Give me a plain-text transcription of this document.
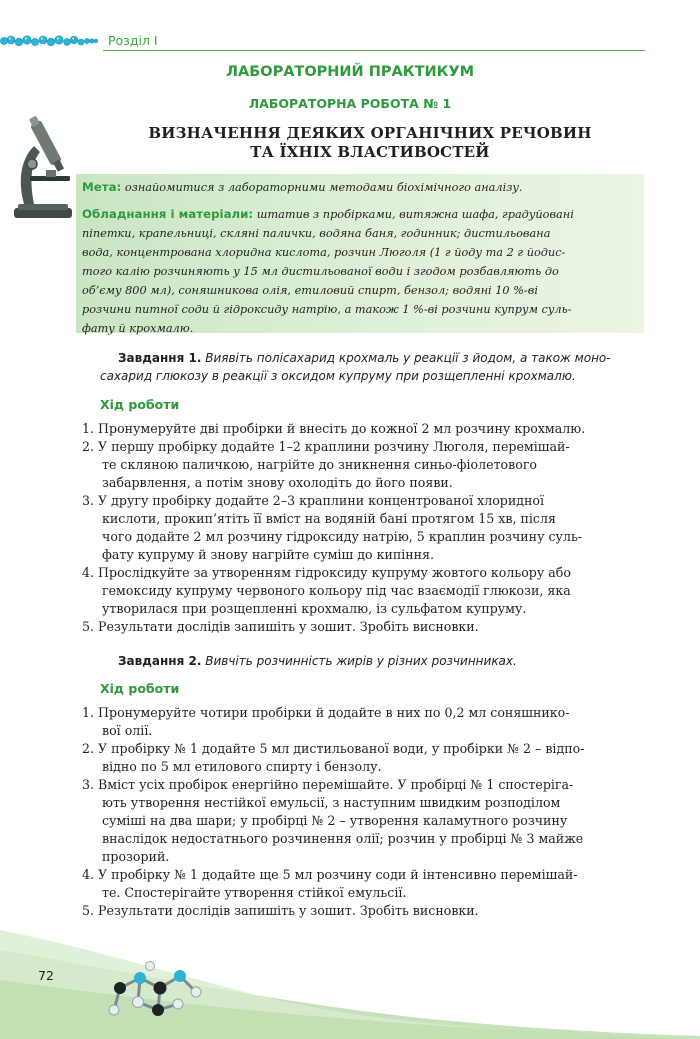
Розділ I
ЛАБОРАТОРНИЙ ПРАКТИКУМ
ЛАБОРАТОРНА РОБОТА № 1
ВИЗНАЧЕННЯ ДЕЯКИХ ОРГАНІЧНИХ РЕЧОВИН
ТА ЇХНІХ ВЛАСТИВОСТЕЙ
Мета: ознайомитися з лабораторними методами біохімічного аналізу.
Обладнання і матеріали: штатив з пробірками, витяжна шафа, градуйовані
піпетки, крапельниці, скляні палички, водяна баня, годинник; дистильована
вода, концентрована хлоридна кислота, розчин Люголя (1 г йоду та 2 г йодис-
того калію розчиняють у 15 мл дистильованої води і згодом розбавляють до
об’єму 800 мл), соняшникова олія, етиловий спирт, бензол; водяні 10 %-ві
розчини питної соди й гідроксиду натрію, а також 1 %-ві розчини купрум суль-
фату й крохмалю.
Завдання 1. Виявіть полісахарид крохмаль у реакції з йодом, а також моно-
сахарид глюкозу в реакції з оксидом купруму при розщепленні крохмалю.
Хід роботи
1. Пронумеруйте дві пробірки й внесіть до кожної 2 мл розчину крохмалю.
2. У першу пробірку додайте 1–2 краплини розчину Люголя, перемішай-
те скляною паличкою, нагрійте до зникнення синьо-фіолетового
забарвлення, а потім знову охолодіть до його появи.
3. У другу пробірку додайте 2–3 краплини концентрованої хлоридної
кислоти, прокип’ятіть її вміст на водяній бані протягом 15 хв, після
чого додайте 2 мл розчину гідроксиду натрію, 5 краплин розчину суль-
фату купруму й знову нагрійте суміш до кипіння.
4. Прослідкуйте за утворенням гідроксиду купруму жовтого кольору або
гемоксиду купруму червоного кольору під час взаємодії глюкози, яка
утворилася при розщепленні крохмалю, із сульфатом купруму.
5. Результати дослідів запишіть у зошит. Зробіть висновки.
Завдання 2. Вивчіть розчинність жирів у різних розчинниках.
Хід роботи
1. Пронумеруйте чотири пробірки й додайте в них по 0,2 мл соняшнико-
вої олії.
2. У пробірку № 1 додайте 5 мл дистильованої води, у пробірки № 2 – відпо-
відно по 5 мл етилового спирту і бензолу.
3. Вміст усіх пробірок енергійно перемішайте. У пробірці № 1 спостеріга-
ють утворення нестійкої емульсії, з наступним швидким розподілом
суміші на два шари; у пробірці № 2 – утворення каламутного розчину
внаслідок недостатнього розчинення олії; розчин у пробірці № 3 майже
прозорий.
4. У пробірку № 1 додайте ще 5 мл розчину соди й інтенсивно перемішай-
те. Спостерігайте утворення стійкої емульсії.
5. Результати дослідів запишіть у зошит. Зробіть висновки.
72
